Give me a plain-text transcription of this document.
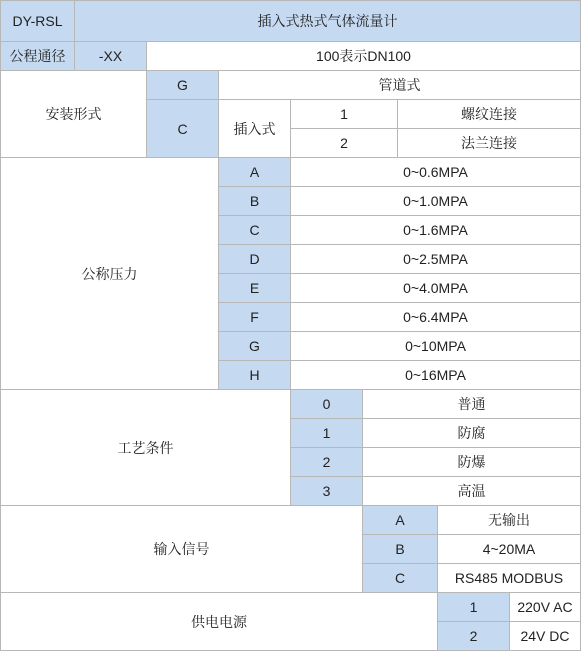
DY-RSL	插入式热式气体流量计
公程通径	-XX	100表示DN100
安装形式
G	管道式
C	插入式
1	螺纹连接
2	法兰连接
公称压力
A	0~0.6MPA
B	0~1.0MPA
C	0~1.6MPA
D	0~2.5MPA
E	0~4.0MPA
F	0~6.4MPA
G	0~10MPA
H	0~16MPA
工艺条件
0	普通
1	防腐
2	防爆
3	高温
输入信号
A	无输出
B	4~20MA
C	RS485 MODBUS
供电电源
1	220V AC
2	24V DC
